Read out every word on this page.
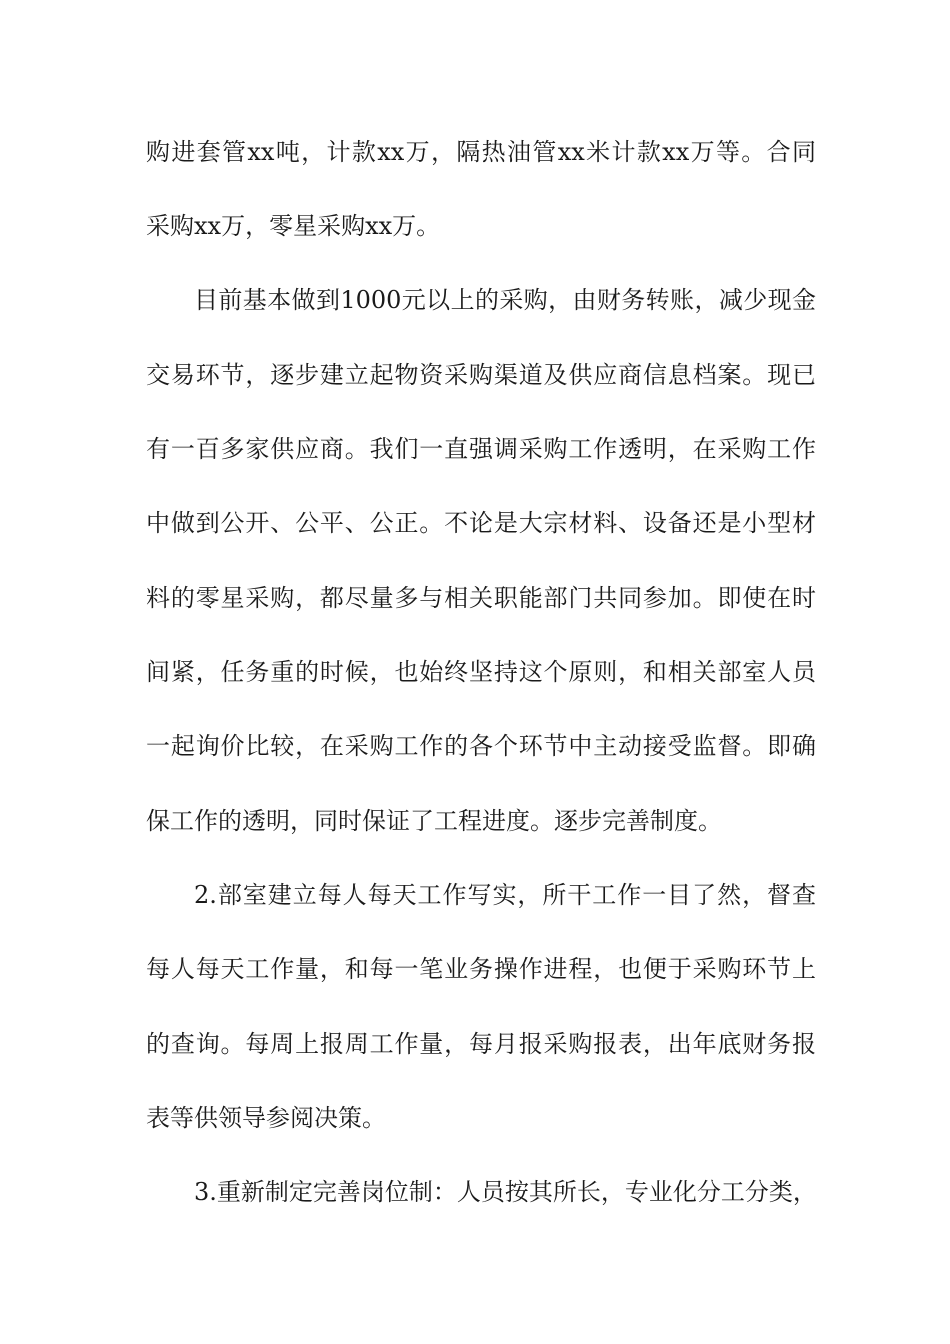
购进套管xx吨，计款xx万，隔热油管xx米计款xx万等。合同
采购xx万，零星采购xx万。
目前基本做到1000元以上的采购，由财务转账，减少现金
交易环节，逐步建立起物资采购渠道及供应商信息档案。现已
有一百多家供应商。我们一直强调采购工作透明，在采购工作
中做到公开、公平、公正。不论是大宗材料、设备还是小型材
料的零星采购，都尽量多与相关职能部门共同参加。即使在时
间紧，任务重的时候，也始终坚持这个原则，和相关部室人员
一起询价比较，在采购工作的各个环节中主动接受监督。即确
保工作的透明，同时保证了工程进度。逐步完善制度。
2.部室建立每人每天工作写实，所干工作一目了然，督查
每人每天工作量，和每一笔业务操作进程，也便于采购环节上
的查询。每周上报周工作量，每月报采购报表，出年底财务报
表等供领导参阅决策。
3.重新制定完善岗位制：人员按其所长，专业化分工分类，
